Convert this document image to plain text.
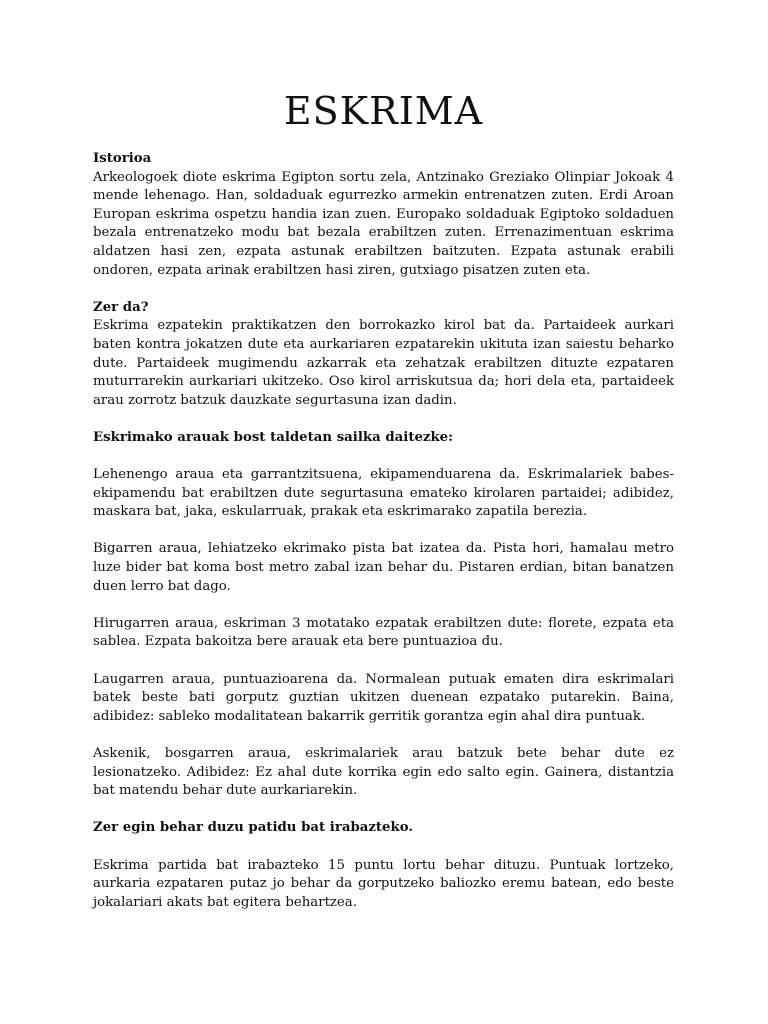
ESKRIMA

Istorioa

Arkeologoek diote eskrima Egipton sortu zela, Antzinako Greziako Olinpiar Jokoak 4 mende lehenago. Han, soldaduak egurrezko armekin entrenatzen zuten. Erdi Aroan Europan eskrima ospetzu handia izan zuen. Europako soldaduak Egiptoko soldaduen bezala entrenatzeko modu bat bezala erabiltzen zuten. Errenazimentuan eskrima aldatzen hasi zen, ezpata astunak erabiltzen baitzuten. Ezpata astunak erabili ondoren, ezpata arinak erabiltzen hasi ziren, gutxiago pisatzen zuten eta.

Zer da?

Eskrima ezpatekin praktikatzen den borrokazko kirol bat da. Partaideek aurkari baten kontra jokatzen dute eta aurkariaren ezpatarekin ukituta izan saiestu beharko dute. Partaideek mugimendu azkarrak eta zehatzak erabiltzen dituzte ezpataren muturrarekin aurkariari ukitzeko. Oso kirol arriskutsua da; hori dela eta, partaideek arau zorrotz batzuk dauzkate segurtasuna izan dadin.

Eskrimako arauak bost taldetan sailka daitezke:

Lehenengo araua eta garrantzitsuena, ekipamenduarena da. Eskrimalariek babes-ekipamendu bat erabiltzen dute segurtasuna emateko kirolaren partaidei; adibidez, maskara bat, jaka, eskularruak, prakak eta eskrimarako zapatila berezia.

Bigarren araua, lehiatzeko ekrimako pista bat izatea da. Pista hori, hamalau metro luze bider bat koma bost metro zabal izan behar du. Pistaren erdian, bitan banatzen duen lerro bat dago.

Hirugarren araua, eskriman 3 motatako ezpatak erabiltzen dute: florete, ezpata eta sablea. Ezpata bakoitza bere arauak eta bere puntuazioa du.

Laugarren araua, puntuazioarena da. Normalean putuak ematen dira eskrimalari batek beste bati gorputz guztian ukitzen duenean ezpatako putarekin. Baina, adibidez: sableko modalitatean bakarrik gerritik gorantza egin ahal dira puntuak.

Askenik, bosgarren araua, eskrimalariek arau batzuk bete behar dute ez lesionatzeko. Adibidez: Ez ahal dute korrika egin edo salto egin. Gainera, distantzia bat matendu behar dute aurkariarekin.

Zer egin behar duzu patidu bat irabazteko.

Eskrima partida bat irabazteko 15 puntu lortu behar dituzu. Puntuak lortzeko, aurkaria ezpataren putaz jo behar da gorputzeko baliozko eremu batean, edo beste jokalariari akats bat egitera behartzea.
